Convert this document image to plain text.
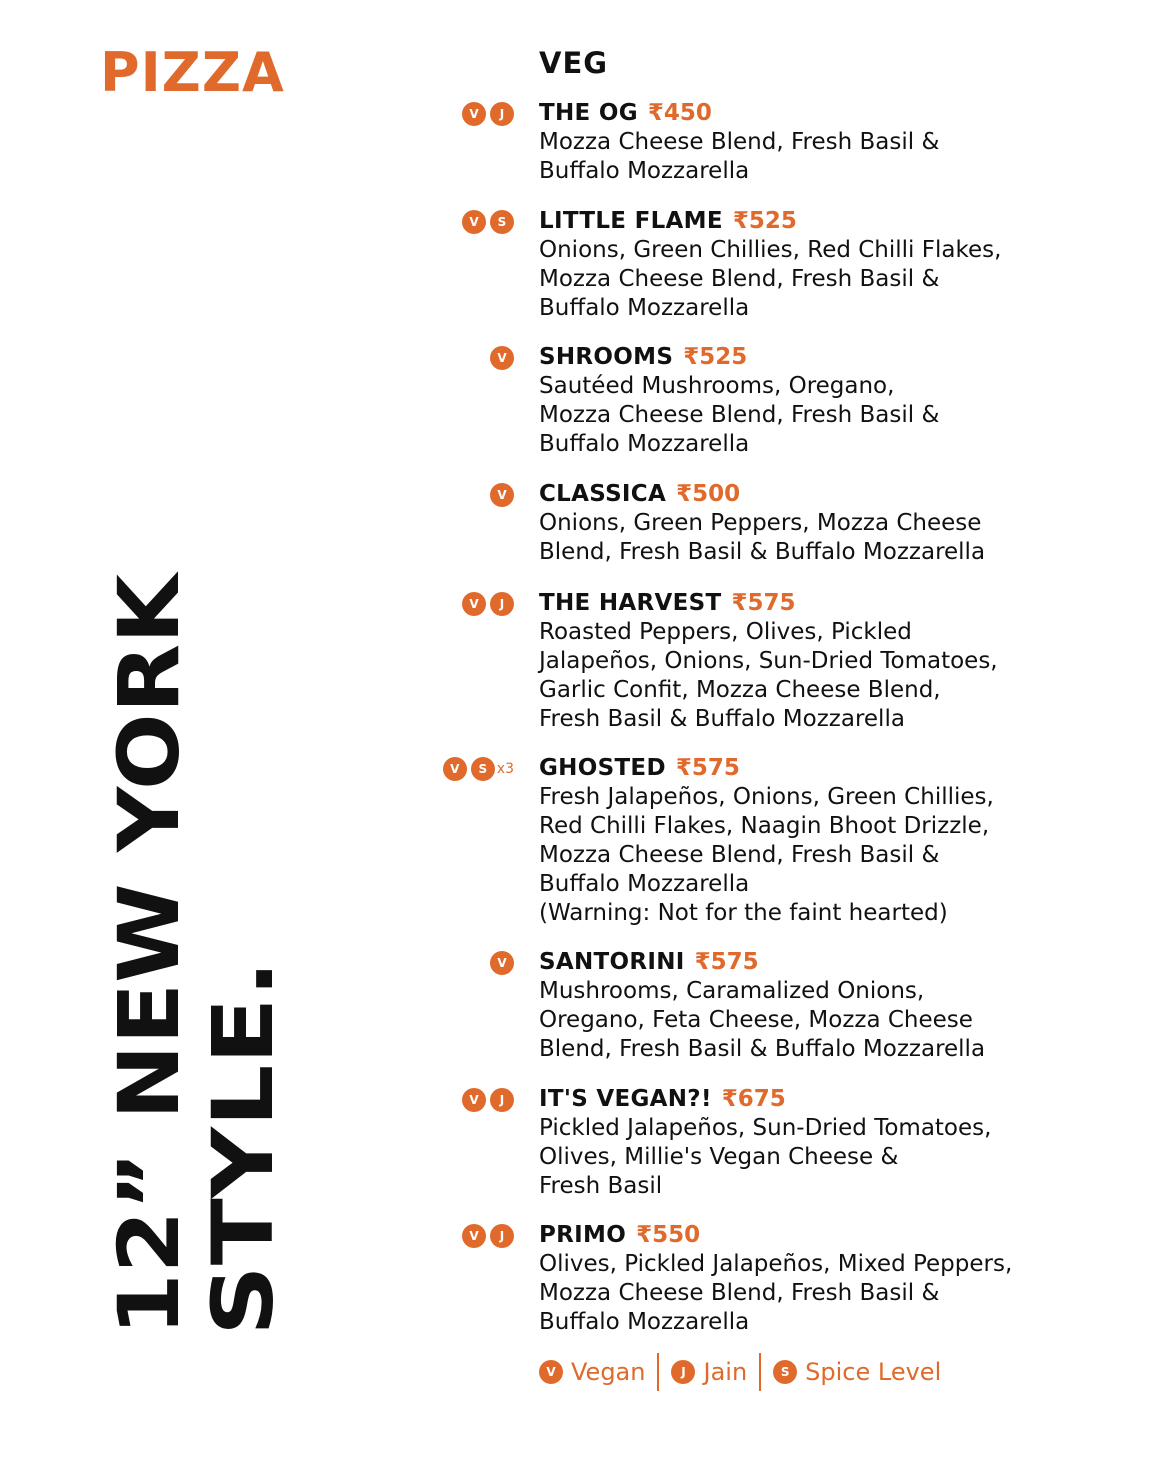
PIZZA
12” NEW YORK
STYLE.
VEG
V	J	THE OG ₹450

Mozza Cheese Blend, Fresh Basil &

Buffalo Mozzarella

V	S	LITTLE FLAME ₹525

Onions, Green Chillies, Red Chilli Flakes,

Mozza Cheese Blend, Fresh Basil &

Buffalo Mozzarella

V	SHROOMS ₹525

Sautéed Mushrooms, Oregano,

Mozza Cheese Blend, Fresh Basil &

Buffalo Mozzarella

V	CLASSICA ₹500

Onions, Green Peppers, Mozza Cheese

Blend, Fresh Basil & Buffalo Mozzarella

V	J	THE HARVEST ₹575

Roasted Peppers, Olives, Pickled

Jalapeños, Onions, Sun-Dried Tomatoes,

Garlic Confit, Mozza Cheese Blend,

Fresh Basil & Buffalo Mozzarella

V	S x3 GHOSTED ₹575

Fresh Jalapeños, Onions, Green Chillies,

Red Chilli Flakes, Naagin Bhoot Drizzle,

Mozza Cheese Blend, Fresh Basil &

Buffalo Mozzarella

(Warning: Not for the faint hearted)

V	SANTORINI ₹575

Mushrooms, Caramalized Onions,

Oregano, Feta Cheese, Mozza Cheese

Blend, Fresh Basil & Buffalo Mozzarella

V	J	IT'S VEGAN?! ₹675

Pickled Jalapeños, Sun-Dried Tomatoes,

Olives, Millie's Vegan Cheese &

Fresh Basil

V	J	PRIMO ₹550

Olives, Pickled Jalapeños, Mixed Peppers,

Mozza Cheese Blend, Fresh Basil &

Buffalo Mozzarella

V Vegan	J Jain	S Spice Level
